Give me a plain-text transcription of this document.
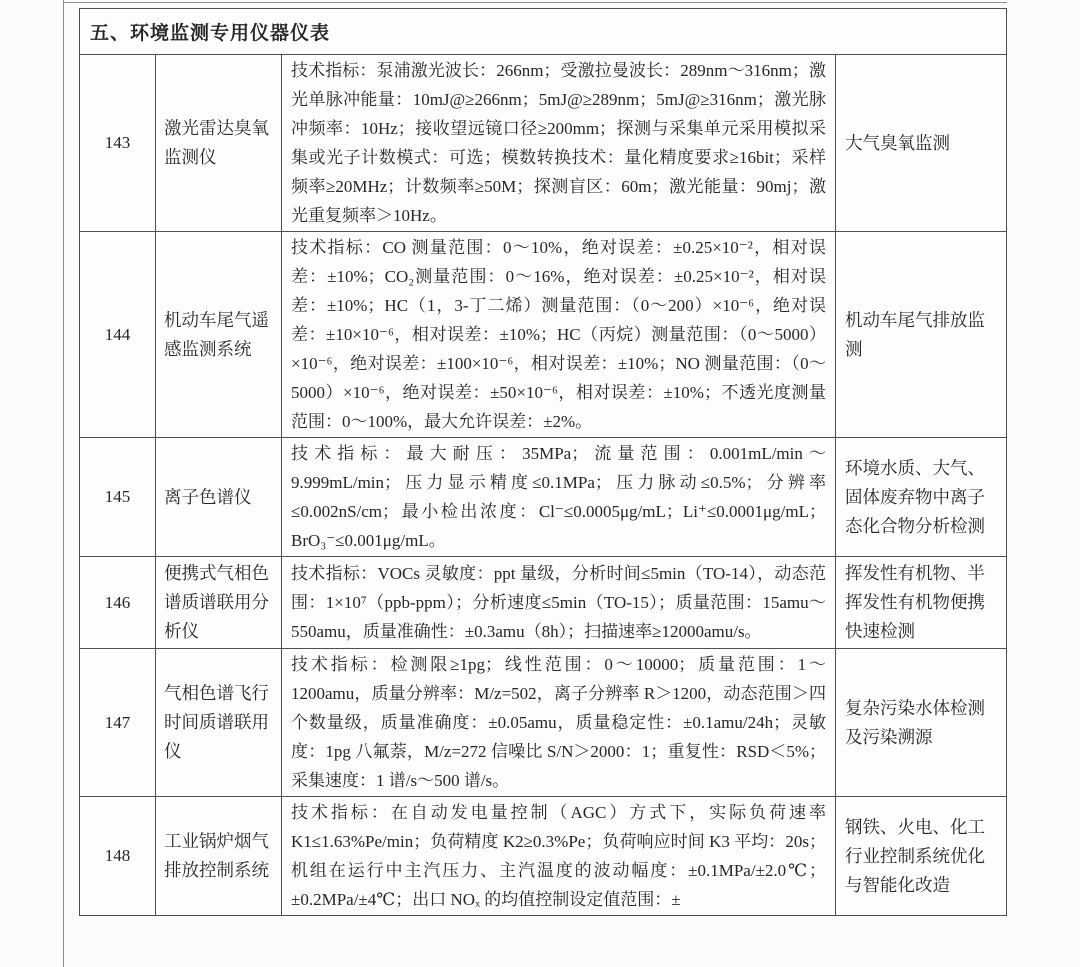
五、环境监测专用仪器仪表			
143	激光雷达臭氧监测仪	技术指标：泵浦激光波长：266nm；受激拉曼波长：289nm～316nm；激光单脉冲能量：10mJ@≥266nm；5mJ@≥289nm；5mJ@≥316nm；激光脉冲频率：10Hz；接收望远镜口径≥200mm；探测与采集单元采用模拟采集或光子计数模式：可选；模数转换技术：量化精度要求≥16bit；采样频率≥20MHz；计数频率≥50M；探测盲区：60m；激光能量：90mj；激光重复频率＞10Hz。	大气臭氧监测
144	机动车尾气遥感监测系统	技术指标：CO 测量范围：0～10%，绝对误差：±0.25×10⁻²，相对误差：±10%；CO₂测量范围：0～16%，绝对误差：±0.25×10⁻²，相对误差：±10%；HC（1，3-丁二烯）测量范围：（0～200）×10⁻⁶，绝对误差：±10×10⁻⁶，相对误差：±10%；HC（丙烷）测量范围：（0～5000）×10⁻⁶，绝对误差：±100×10⁻⁶，相对误差：±10%；NO 测量范围：（0～5000）×10⁻⁶，绝对误差：±50×10⁻⁶，相对误差：±10%；不透光度测量范围：0～100%，最大允许误差：±2%。	机动车尾气排放监测
145	离子色谱仪	技术指标：最大耐压：35MPa；流量范围：0.001mL/min～9.999mL/min；压力显示精度≤0.1MPa；压力脉动≤0.5%；分辨率≤0.002nS/cm；最小检出浓度：Cl⁻≤0.0005μg/mL；Li⁺≤0.0001μg/mL；BrO₃⁻≤0.001μg/mL。	环境水质、大气、固体废弃物中离子态化合物分析检测
146	便携式气相色谱质谱联用分析仪	技术指标：VOCs 灵敏度：ppt 量级，分析时间≤5min（TO-14），动态范围：1×10⁷（ppb-ppm）；分析速度≤5min（TO-15）；质量范围：15amu～550amu，质量准确性：±0.3amu（8h）；扫描速率≥12000amu/s。	挥发性有机物、半挥发性有机物便携快速检测
147	气相色谱飞行时间质谱联用仪	技术指标：检测限≥1pg；线性范围：0～10000；质量范围：1～1200amu，质量分辨率：M/z=502，离子分辨率 R＞1200，动态范围＞四个数量级，质量准确度：±0.05amu，质量稳定性：±0.1amu/24h；灵敏度：1pg 八氟萘，M/z=272 信噪比 S/N＞2000：1；重复性：RSD＜5%；采集速度：1 谱/s～500 谱/s。	复杂污染水体检测及污染溯源
148	工业锅炉烟气排放控制系统	技术指标：在自动发电量控制（AGC）方式下，实际负荷速率 K1≤1.63%Pe/min；负荷精度 K2≥0.3%Pe；负荷响应时间 K3 平均：20s；机组在运行中主汽压力、主汽温度的波动幅度：±0.1MPa/±2.0℃；±0.2MPa/±4℃；出口 NOₓ 的均值控制设定值范围：±	钢铁、火电、化工行业控制系统优化与智能化改造
